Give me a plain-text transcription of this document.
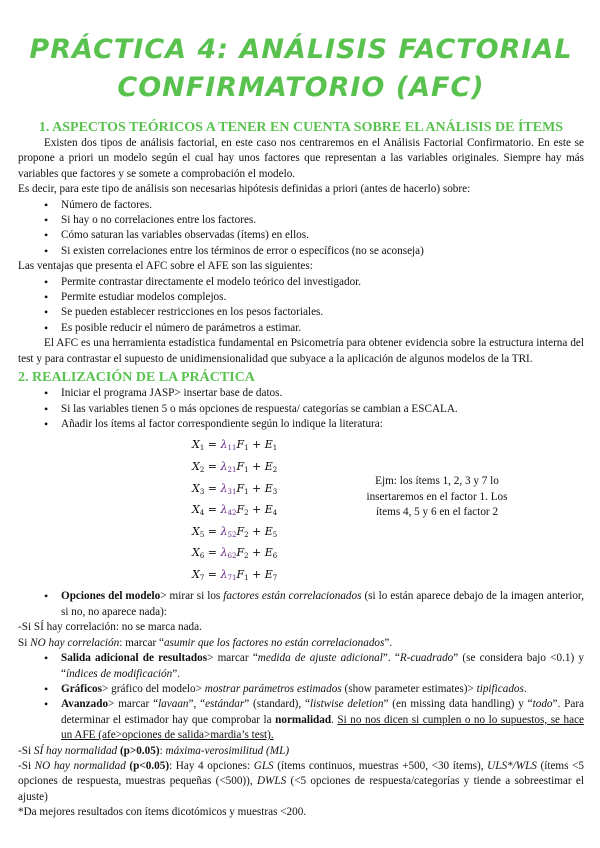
PRÁCTICA 4: ANÁLISIS FACTORIAL
CONFIRMATORIO (AFC)
1. ASPECTOS TEÓRICOS A TENER EN CUENTA SOBRE EL ANÁLISIS DE ÍTEMS

Existen dos tipos de análisis factorial, en este caso nos centraremos en el Análisis Factorial Confirmatorio. En este se propone a priori un modelo según el cual hay unos factores que representan a las variables originales. Siempre hay más variables que factores y se somete a comprobación el modelo.

Es decir, para este tipo de análisis son necesarias hipótesis definidas a priori (antes de hacerlo) sobre:

• Número de factores.
• Si hay o no correlaciones entre los factores.
• Cómo saturan las variables observadas (ítems) en ellos.
• Si existen correlaciones entre los términos de error o específicos (no se aconseja)

Las ventajas que presenta el AFC sobre el AFE son las siguientes:

• Permite contrastar directamente el modelo teórico del investigador.
• Permite estudiar modelos complejos.
• Se pueden establecer restricciones en los pesos factoriales.
• Es posible reducir el número de parámetros a estimar.

El AFC es una herramienta estadística fundamental en Psicometría para obtener evidencia sobre la estructura interna del test y para contrastar el supuesto de unidimensionalidad que subyace a la aplicación de algunos modelos de la TRI.

2. REALIZACIÓN DE LA PRÁCTICA
• Iniciar el programa JASP> insertar base de datos.
• Si las variables tienen 5 o más opciones de respuesta/ categorías se cambian a ESCALA.
• Añadir los ítems al factor correspondiente según lo indique la literatura:
$X_1 = \lambda_{11}F_1 + E_1$
$X_2 = \lambda_{21}F_1 + E_2$
$X_3 = \lambda_{31}F_1 + E_3$
$X_4 = \lambda_{42}F_2 + E_4$
$X_5 = \lambda_{52}F_2 + E_5$
$X_6 = \lambda_{62}F_2 + E_6$
$X_7 = \lambda_{71}F_1 + E_7$
Ejm: los ítems 1, 2, 3 y 7 lo insertaremos en el factor 1. Los ítems 4, 5 y 6 en el factor 2
• Opciones del modelo> mirar si los factores están correlacionados (si lo están aparece debajo de la imagen anterior, si no, no aparece nada):

-Si SÍ hay correlación: no se marca nada.

Si NO hay correlación: marcar “asumir que los factores no están correlacionados”.

• Salida adicional de resultados> marcar “medida de ajuste adicional”. “R-cuadrado” (se considera bajo <0.1) y “índices de modificación”.
• Gráficos> gráfico del modelo> mostrar parámetros estimados (show parameter estimates)> tipificados.
• Avanzado> marcar “lavaan”, “estándar” (standard), “listwise deletion” (en missing data handling) y “todo”. Para determinar el estimador hay que comprobar la normalidad. Si no nos dicen si cumplen o no lo supuestos, se hace un AFE (afe>opciones de salida>mardia’s test).

-Si SÍ hay normalidad (p>0.05): máxima-verosimilitud (ML)

-Si NO hay normalidad (p<0.05): Hay 4 opciones: GLS (ítems continuos, muestras +500, <30 ítems), ULS*/WLS (ítems <5 opciones de respuesta, muestras pequeñas (<500)), DWLS (<5 opciones de respuesta/categorías y tiende a sobreestimar el ajuste)

*Da mejores resultados con ítems dicotómicos y muestras <200.
